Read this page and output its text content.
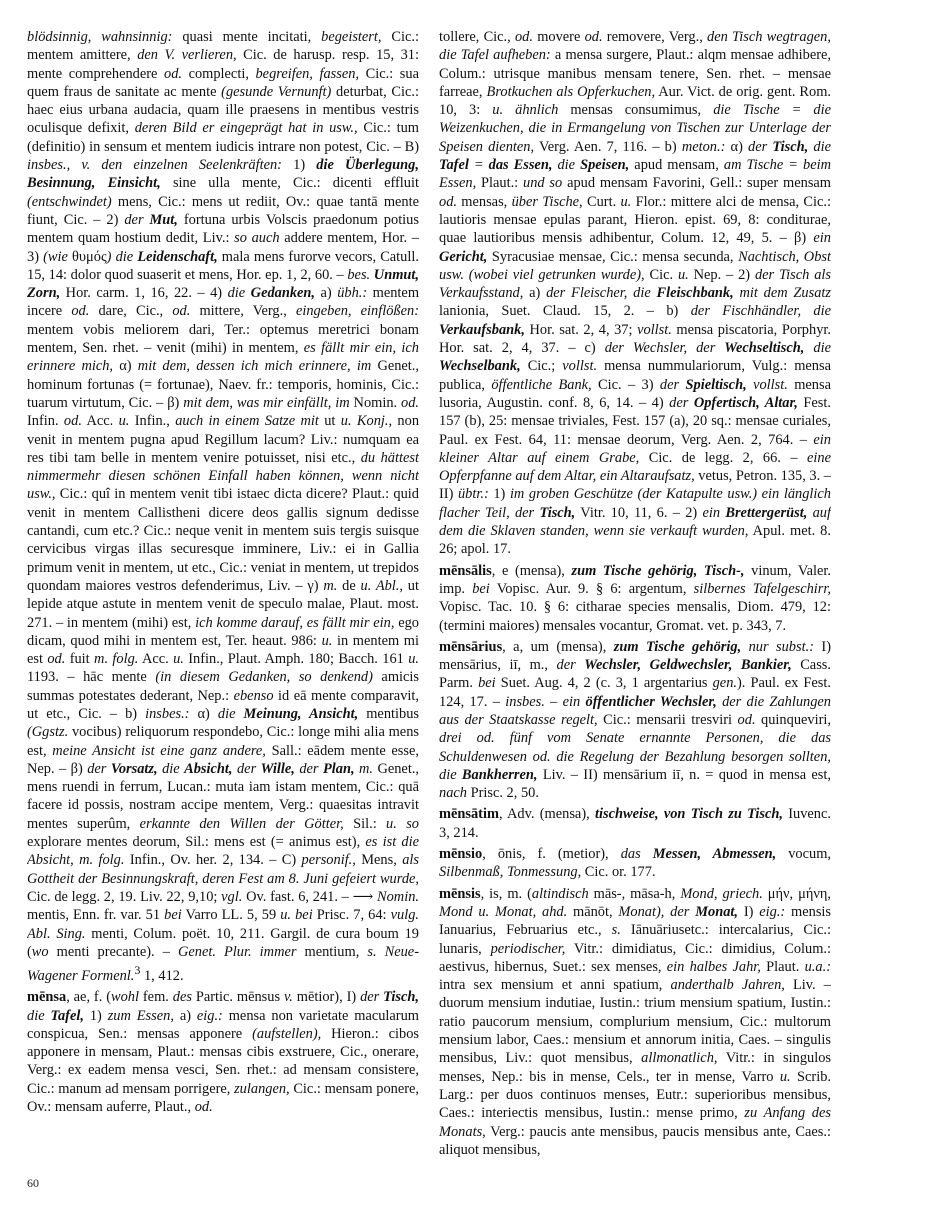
blödsinnig, wahnsinnig: quasi mente incitati, begeistert, Cic.: mentem amittere, den V. verlieren, Cic. de harusp. resp. 15, 31: mente comprehendere od. complecti, begreifen, fassen, Cic.: sua quem fraus de sanitate ac mente (gesunde Vernunft) deturbat, Cic.: haec eius urbana audacia, quam ille praesens in mentibus vestris oculisque defixit, deren Bild er eingeprägt hat in usw., Cic.: tum (definitio) in sensum et mentem iudicis intrare non potest, Cic. – B) insbes., v. den einzelnen Seelenkräften: 1) die Überlegung, Besinnung, Einsicht, sine ulla mente, Cic.: dicenti effluit (entschwindet) mens, Cic.: mens ut rediit, Ov.: quae tantā mente fiunt, Cic. – 2) der Mut, fortuna urbis Volscis praedonum potius mentem quam hostium dedit, Liv.: so auch addere mentem, Hor. – 3) (wie θυμός) die Leidenschaft, mala mens furorve vecors, Catull. 15, 14: dolor quod suaserit et mens, Hor. ep. 1, 2, 60. – bes. Unmut, Zorn, Hor. carm. 1, 16, 22. – 4) die Gedanken, a) übh.: mentem incere od. dare, Cic., od. mittere, Verg., eingeben, einflößen: mentem vobis meliorem dari, Ter.: optemus meretrici bonam mentem, Sen. rhet. – venit (mihi) in mentem, es fällt mir ein, ich erinnere mich, α) mit dem, dessen ich mich erinnere, im Genet., hominum fortunas (= fortunae), Naev. fr.: temporis, hominis, Cic.: tuarum virtutum, Cic. – β) mit dem, was mir einfällt, im Nomin. od. Infin. od. Acc. u. Infin., auch in einem Satze mit ut u. Konj., non venit in mentem pugna apud Regillum lacum? Liv.: numquam ea res tibi tam belle in mentem venire potuisset, nisi etc., du hättest nimmermehr diesen schönen Einfall haben können, wenn nicht usw., Cic.: quî in mentem venit tibi istaec dicta dicere? Plaut.: quid venit in mentem Callistheni dicere deos gallis signum dedisse cantandi, cum etc.? Cic.: neque venit in mentem suis tergis suisque cervicibus virgas illas securesque imminere, Liv.: ei in Gallia primum venit in mentem, ut etc., Cic.: veniat in mentem, ut trepidos quondam maiores vestros defenderimus, Liv. – γ) m. de u. Abl., ut lepide atque astute in mentem venit de speculo malae, Plaut. most. 271. – in mentem (mihi) est, ich komme darauf, es fällt mir ein, ego dicam, quod mihi in mentem est, Ter. heaut. 986: u. in mentem mi est od. fuit m. folg. Acc. u. Infin., Plaut. Amph. 180; Bacch. 161 u. 1193. – hāc mente (in diesem Gedanken, so denkend) amicis summas potestates dederant, Nep.: ebenso id eā mente comparavit, ut etc., Cic. – b) insbes.: α) die Meinung, Ansicht, mentibus (Ggstz. vocibus) reliquorum respondebo, Cic.: longe mihi alia mens est, meine Ansicht ist eine ganz andere, Sall.: eādem mente esse, Nep. – β) der Vorsatz, die Absicht, der Wille, der Plan, m. Genet., mens ruendi in ferrum, Lucan.: muta iam istam mentem, Cic.: quā facere id possis, nostram accipe mentem, Verg.: quaesitas intravit mentes superûm, erkannte den Willen der Götter, Sil.: u. so explorare mentes deorum, Sil.: mens est (= animus est), es ist die Absicht, m. folg. Infin., Ov. her. 2, 134. – C) personif., Mens, als Gottheit der Besinnungskraft, deren Fest am 8. Juni gefeiert wurde, Cic. de legg. 2, 19. Liv. 22, 9,10; vgl. Ov. fast. 6, 241. – ⟶ Nomin. mentis, Enn. fr. var. 51 bei Varro LL. 5, 59 u. bei Prisc. 7, 64: vulg. Abl. Sing. menti, Colum. poët. 10, 211. Gargil. de cura boum 19 (wo menti precante). – Genet. Plur. immer mentium, s. Neue-Wagener Formenl.$^3$ 1, 412.

mēnsa, ae, f. (wohl fem. des Partic. mēnsus v. mētior), I) der Tisch, die Tafel, 1) zum Essen, a) eig.: mensa non varietate macularum conspicua, Sen.: mensas apponere (aufstellen), Hieron.: cibos apponere in mensam, Plaut.: mensas cibis exstruere, Cic., onerare, Verg.: ex eadem mensa vesci, Sen. rhet.: ad mensam consistere, Cic.: manum ad mensam porrigere, zulangen, Cic.: mensam ponere, Ov.: mensam auferre, Plaut., od.

tollere, Cic., od. movere od. removere, Verg., den Tisch wegtragen, die Tafel aufheben: a mensa surgere, Plaut.: alqm mensae adhibere, Colum.: utrisque manibus mensam tenere, Sen. rhet. – mensae farreae, Brotkuchen als Opferkuchen, Aur. Vict. de orig. gent. Rom. 10, 3: u. ähnlich mensas consumimus, die Tische = die Weizenkuchen, die in Ermangelung von Tischen zur Unterlage der Speisen dienten, Verg. Aen. 7, 116. – b) meton.: α) der Tisch, die Tafel = das Essen, die Speisen, apud mensam, am Tische = beim Essen, Plaut.: und so apud mensam Favorini, Gell.: super mensam od. mensas, über Tische, Curt. u. Flor.: mittere alci de mensa, Cic.: lautioris mensae epulas parant, Hieron. epist. 69, 8: conditurae, quae lautioribus mensis adhibentur, Colum. 12, 49, 5. – β) ein Gericht, Syracusiae mensae, Cic.: mensa secunda, Nachtisch, Obst usw. (wobei viel getrunken wurde), Cic. u. Nep. – 2) der Tisch als Verkaufsstand, a) der Fleischer, die Fleischbank, mit dem Zusatz lanionia, Suet. Claud. 15, 2. – b) der Fischhändler, die Verkaufsbank, Hor. sat. 2, 4, 37; vollst. mensa piscatoria, Porphyr. Hor. sat. 2, 4, 37. – c) der Wechsler, der Wechseltisch, die Wechselbank, Cic.; vollst. mensa nummulariorum, Vulg.: mensa publica, öffentliche Bank, Cic. – 3) der Spieltisch, vollst. mensa lusoria, Augustin. conf. 8, 6, 14. – 4) der Opfertisch, Altar, Fest. 157 (b), 25: mensae triviales, Fest. 157 (a), 20 sq.: mensae curiales, Paul. ex Fest. 64, 11: mensae deorum, Verg. Aen. 2, 764. – ein kleiner Altar auf einem Grabe, Cic. de legg. 2, 66. – eine Opferpfanne auf dem Altar, ein Altaraufsatz, vetus, Petron. 135, 3. – II) übtr.: 1) im groben Geschütze (der Katapulte usw.) ein länglich flacher Teil, der Tisch, Vitr. 10, 11, 6. – 2) ein Brettergerüst, auf dem die Sklaven standen, wenn sie verkauft wurden, Apul. met. 8. 26; apol. 17.

mēnsālis, e (mensa), zum Tische gehörig, Tisch-, vinum, Valer. imp. bei Vopisc. Aur. 9. § 6: argentum, silbernes Tafelgeschirr, Vopisc. Tac. 10. § 6: citharae species mensalis, Diom. 479, 12: (termini maiores) mensales vocantur, Gromat. vet. p. 343, 7.

mēnsārius, a, um (mensa), zum Tische gehörig, nur subst.: I) mensārius, iī, m., der Wechsler, Geldwechsler, Bankier, Cass. Parm. bei Suet. Aug. 4, 2 (c. 3, 1 argentarius gen.). Paul. ex Fest. 124, 17. – insbes. – ein öffentlicher Wechsler, der die Zahlungen aus der Staatskasse regelt, Cic.: mensarii tresviri od. quinqueviri, drei od. fünf vom Senate ernannte Personen, die das Schuldenwesen od. die Regelung der Bezahlung besorgen sollten, die Bankherren, Liv. – II) mensārium iī, n. = quod in mensa est, nach Prisc. 2, 50.

mēnsātim, Adv. (mensa), tischweise, von Tisch zu Tisch, Iuvenc. 3, 214.

mēnsio, ōnis, f. (metior), das Messen, Abmessen, vocum, Silbenmaß, Tonmessung, Cic. or. 177.

mēnsis, is, m. (altindisch mās-, māsa-h, Mond, griech. μήν, μήνη, Mond u. Monat, ahd. mānōt, Monat), der Monat, I) eig.: mensis Ianuarius, Februarius etc., s. Iānuāriusetc.: intercalarius, Cic.: lunaris, periodischer, Vitr.: dimidiatus, Cic.: dimidius, Colum.: aestivus, hibernus, Suet.: sex menses, ein halbes Jahr, Plaut. u.a.: intra sex mensium et anni spatium, anderthalb Jahren, Liv. – duorum mensium indutiae, Iustin.: trium mensium spatium, Iustin.: ratio paucorum mensium, complurium mensium, Cic.: multorum mensium labor, Caes.: mensium et annorum initia, Caes. – singulis mensibus, Liv.: quot mensibus, allmonatlich, Vitr.: in singulos menses, Nep.: bis in mense, Cels., ter in mense, Varro u. Scrib. Larg.: per duos continuos menses, Eutr.: superioribus mensibus, Caes.: interiectis mensibus, Iustin.: mense primo, zu Anfang des Monats, Verg.: paucis ante mensibus, paucis mensibus ante, Caes.: aliquot mensibus,

60
